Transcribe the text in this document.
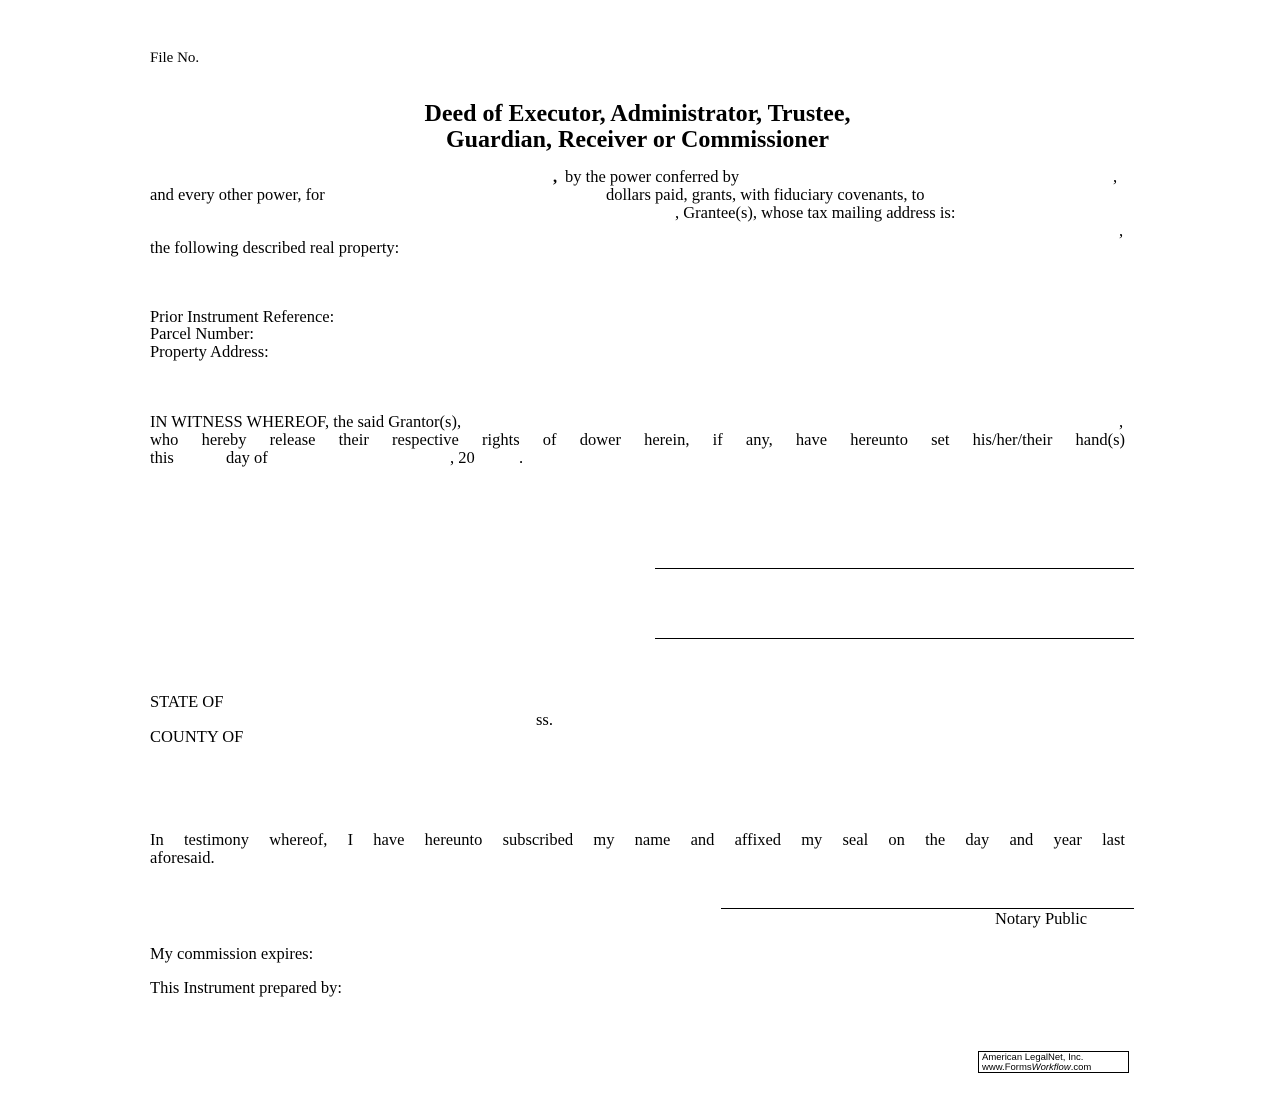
File No.
Deed of Executor, Administrator, Trustee,
Guardian, Receiver or Commissioner
, by the power conferred by	,
and every other power, for	dollars paid, grants, with fiduciary covenants, to
, Grantee(s), whose tax mailing address is:
,
the following described real property:
Prior Instrument Reference:
Parcel Number:
Property Address:
IN WITNESS WHEREOF, the said Grantor(s),	,
who hereby release their respective rights of dower herein, if any, have hereunto set his/her/their hand(s)
this	day of	, 20	.
STATE OF
ss.
COUNTY OF
In testimony whereof, I have hereunto subscribed my name and affixed my seal on the day and year last
aforesaid.
Notary Public
My commission expires:
This Instrument prepared by:
American LegalNet, Inc.
www.FormsWorkflow.com
